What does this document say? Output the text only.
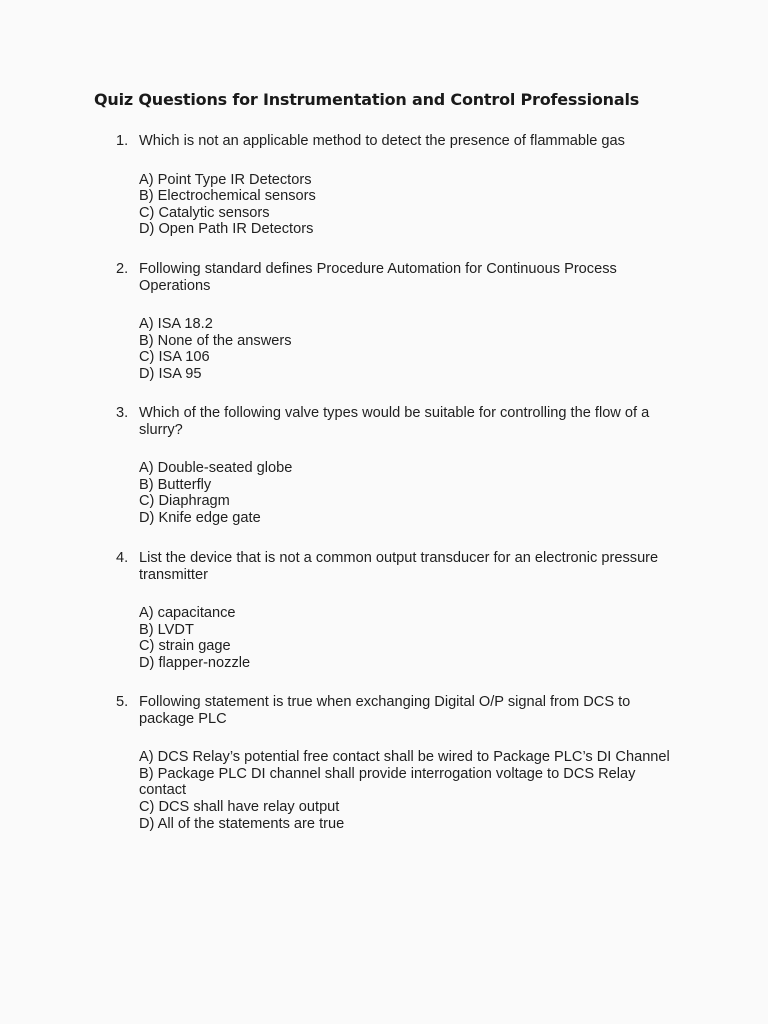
Quiz Questions for Instrumentation and Control Professionals
1. Which is not an applicable method to detect the presence of flammable gas
A) Point Type IR Detectors
B) Electrochemical sensors
C) Catalytic sensors
D) Open Path IR Detectors
2. Following standard defines Procedure Automation for Continuous Process Operations
A) ISA 18.2
B) None of the answers
C) ISA 106
D) ISA 95
3. Which of the following valve types would be suitable for controlling the flow of a slurry?
A) Double-seated globe
B) Butterfly
C) Diaphragm
D) Knife edge gate
4. List the device that is not a common output transducer for an electronic pressure transmitter
A) capacitance
B) LVDT
C) strain gage
D) flapper-nozzle
5. Following statement is true when exchanging Digital O/P signal from DCS to package PLC
A) DCS Relay’s potential free contact shall be wired to Package PLC’s DI Channel
B) Package PLC DI channel shall provide interrogation voltage to DCS Relay contact
C) DCS shall have relay output
D) All of the statements are true
